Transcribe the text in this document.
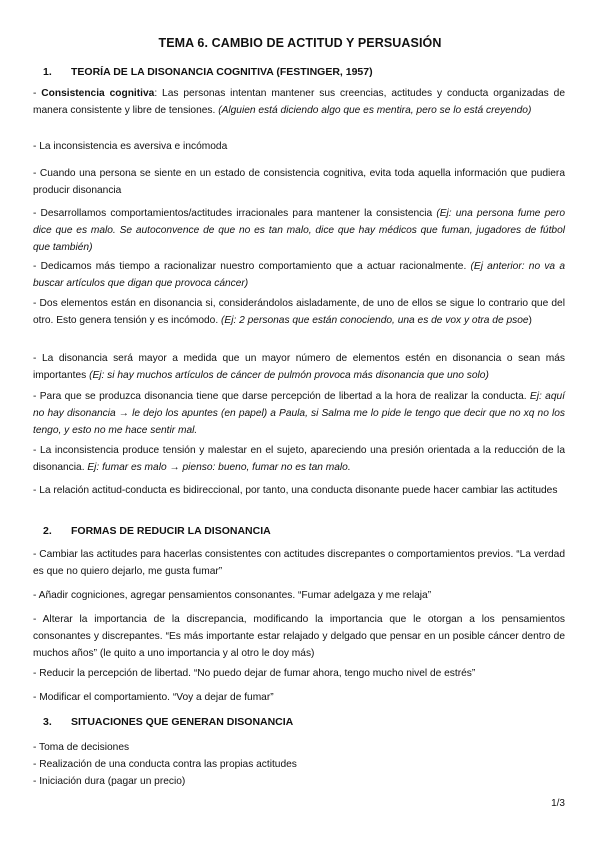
TEMA 6. CAMBIO DE ACTITUD Y PERSUASIÓN
1. TEORÍA DE LA DISONANCIA COGNITIVA (FESTINGER, 1957)
- Consistencia cognitiva: Las personas intentan mantener sus creencias, actitudes y conducta organizadas de manera consistente y libre de tensiones. (Alguien está diciendo algo que es mentira, pero se lo está creyendo)
- La inconsistencia es aversiva e incómoda
- Cuando una persona se siente en un estado de consistencia cognitiva, evita toda aquella información que pudiera producir disonancia
- Desarrollamos comportamientos/actitudes irracionales para mantener la consistencia (Ej: una persona fume pero dice que es malo. Se autoconvence de que no es tan malo, dice que hay médicos que fuman, jugadores de fútbol que también)
- Dedicamos más tiempo a racionalizar nuestro comportamiento que a actuar racionalmente. (Ej anterior: no va a buscar artículos que digan que provoca cáncer)
- Dos elementos están en disonancia si, considerándolos aisladamente, de uno de ellos se sigue lo contrario que del otro. Esto genera tensión y es incómodo. (Ej: 2 personas que están conociendo, una es de vox y otra de psoe)
- La disonancia será mayor a medida que un mayor número de elementos estén en disonancia o sean más importantes (Ej: si hay muchos artículos de cáncer de pulmón provoca más disonancia que uno solo)
- Para que se produzca disonancia tiene que darse percepción de libertad a la hora de realizar la conducta. Ej: aquí no hay disonancia → le dejo los apuntes (en papel) a Paula, si Salma me lo pide le tengo que decir que no xq no los tengo, y esto no me hace sentir mal.
- La inconsistencia produce tensión y malestar en el sujeto, apareciendo una presión orientada a la reducción de la disonancia. Ej: fumar es malo → pienso: bueno, fumar no es tan malo.
- La relación actitud-conducta es bidireccional, por tanto, una conducta disonante puede hacer cambiar las actitudes
2. FORMAS DE REDUCIR LA DISONANCIA
- Cambiar las actitudes para hacerlas consistentes con actitudes discrepantes o comportamientos previos. “La verdad es que no quiero dejarlo, me gusta fumar”
- Añadir cogniciones, agregar pensamientos consonantes. “Fumar adelgaza y me relaja”
- Alterar la importancia de la discrepancia, modificando la importancia que le otorgan a los pensamientos consonantes y discrepantes. “Es más importante estar relajado y delgado que pensar en un posible cáncer dentro de muchos años” (le quito a uno importancia y al otro le doy más)
- Reducir la percepción de libertad. “No puedo dejar de fumar ahora, tengo mucho nivel de estrés”
- Modificar el comportamiento. “Voy a dejar de fumar”
3. SITUACIONES QUE GENERAN DISONANCIA
- Toma de decisiones
- Realización de una conducta contra las propias actitudes
- Iniciación dura (pagar un precio)
1/3
